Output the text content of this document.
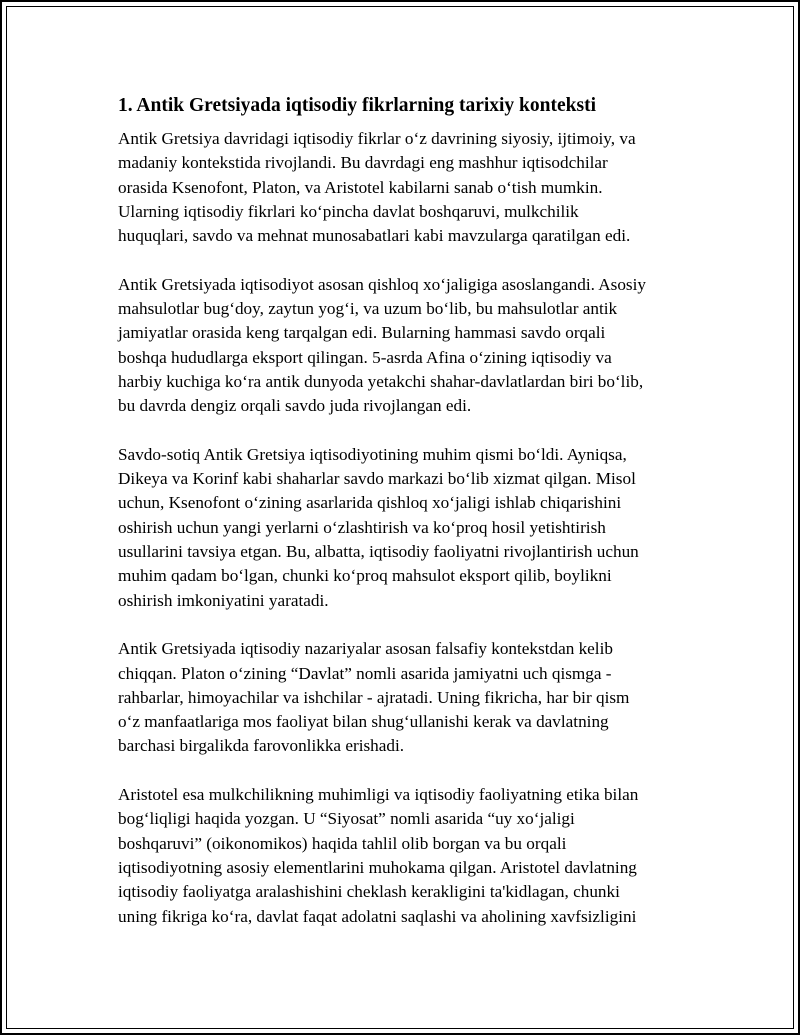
1. Antik Gretsiyada iqtisodiy fikrlarning tarixiy konteksti

Antik Gretsiya davridagi iqtisodiy fikrlar o‘z davrining siyosiy, ijtimoiy, va
madaniy kontekstida rivojlandi. Bu davrdagi eng mashhur iqtisodchilar
orasida Ksenofont, Platon, va Aristotel kabilarni sanab o‘tish mumkin.
Ularning iqtisodiy fikrlari ko‘pincha davlat boshqaruvi, mulkchilik
huquqlari, savdo va mehnat munosabatlari kabi mavzularga qaratilgan edi.

Antik Gretsiyada iqtisodiyot asosan qishloq xo‘jaligiga asoslangandi. Asosiy
mahsulotlar bug‘doy, zaytun yog‘i, va uzum bo‘lib, bu mahsulotlar antik
jamiyatlar orasida keng tarqalgan edi. Bularning hammasi savdo orqali
boshqa hududlarga eksport qilingan. 5-asrda Afina o‘zining iqtisodiy va
harbiy kuchiga ko‘ra antik dunyoda yetakchi shahar-davlatlardan biri bo‘lib,
bu davrda dengiz orqali savdo juda rivojlangan edi.

Savdo-sotiq Antik Gretsiya iqtisodiyotining muhim qismi bo‘ldi. Ayniqsa,
Dikeya va Korinf kabi shaharlar savdo markazi bo‘lib xizmat qilgan. Misol
uchun, Ksenofont o‘zining asarlarida qishloq xo‘jaligi ishlab chiqarishini
oshirish uchun yangi yerlarni o‘zlashtirish va ko‘proq hosil yetishtirish
usullarini tavsiya etgan. Bu, albatta, iqtisodiy faoliyatni rivojlantirish uchun
muhim qadam bo‘lgan, chunki ko‘proq mahsulot eksport qilib, boylikni
oshirish imkoniyatini yaratadi.

Antik Gretsiyada iqtisodiy nazariyalar asosan falsafiy kontekstdan kelib
chiqqan. Platon o‘zining “Davlat” nomli asarida jamiyatni uch qismga -
rahbarlar, himoyachilar va ishchilar - ajratadi. Uning fikricha, har bir qism
o‘z manfaatlariga mos faoliyat bilan shug‘ullanishi kerak va davlatning
barchasi birgalikda farovonlikka erishadi.

Aristotel esa mulkchilikning muhimligi va iqtisodiy faoliyatning etika bilan
bog‘liqligi haqida yozgan. U “Siyosat” nomli asarida “uy xo‘jaligi
boshqaruvi” (oikonomikos) haqida tahlil olib borgan va bu orqali
iqtisodiyotning asosiy elementlarini muhokama qilgan. Aristotel davlatning
iqtisodiy faoliyatga aralashishini cheklash kerakligini ta'kidlagan, chunki
uning fikriga ko‘ra, davlat faqat adolatni saqlashi va aholining xavfsizligini
